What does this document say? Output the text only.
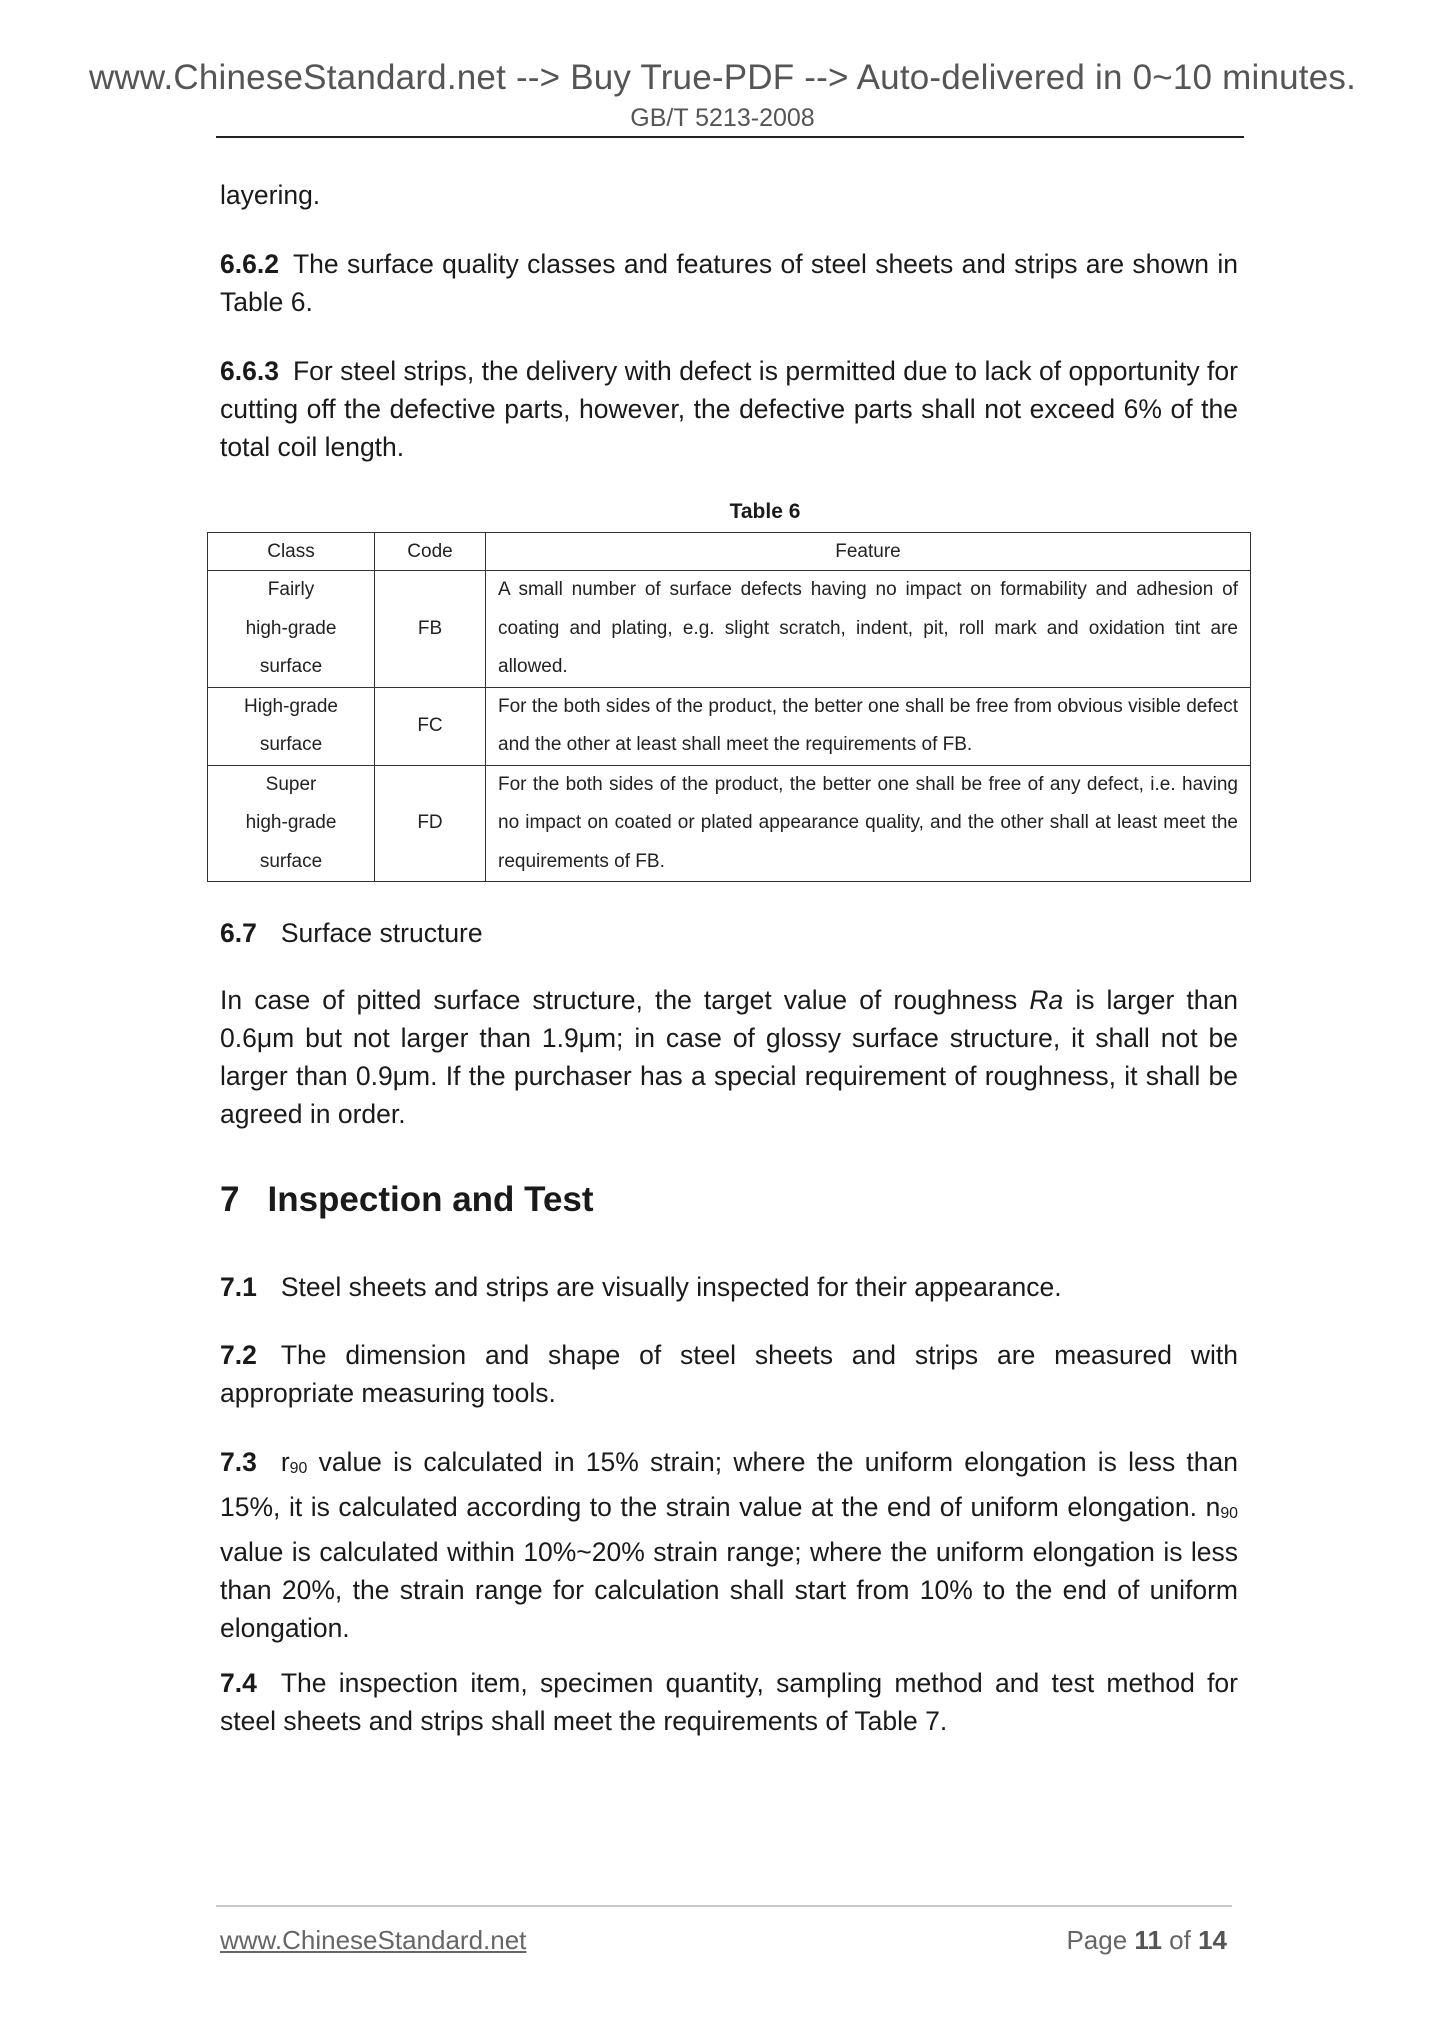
www.ChineseStandard.net --> Buy True-PDF --> Auto-delivered in 0~10 minutes.
GB/T 5213-2008
layering.
6.6.2 The surface quality classes and features of steel sheets and strips are shown in Table 6.
6.6.3 For steel strips, the delivery with defect is permitted due to lack of opportunity for cutting off the defective parts, however, the defective parts shall not exceed 6% of the total coil length.
Table 6
Class	Code	Feature

Fairly
high-grade
surface	FB	A small number of surface defects having no impact on formability and adhesion of coating and plating, e.g. slight scratch, indent, pit, roll mark and oxidation tint are allowed.

High-grade
surface	FC	For the both sides of the product, the better one shall be free from obvious visible defect and the other at least shall meet the requirements of FB.

Super
high-grade
surface	FD	For the both sides of the product, the better one shall be free of any defect, i.e. having no impact on coated or plated appearance quality, and the other shall at least meet the requirements of FB.
6.7 Surface structure
In case of pitted surface structure, the target value of roughness Ra is larger than 0.6μm but not larger than 1.9μm; in case of glossy surface structure, it shall not be larger than 0.9μm. If the purchaser has a special requirement of roughness, it shall be agreed in order.
7 Inspection and Test
7.1 Steel sheets and strips are visually inspected for their appearance.
7.2 The dimension and shape of steel sheets and strips are measured with appropriate measuring tools.
7.3 $r_{90}$ value is calculated in 15% strain; where the uniform elongation is less than 15%, it is calculated according to the strain value at the end of uniform elongation. $n_{90}$ value is calculated within 10%~20% strain range; where the uniform elongation is less than 20%, the strain range for calculation shall start from 10% to the end of uniform elongation.
7.4 The inspection item, specimen quantity, sampling method and test method for steel sheets and strips shall meet the requirements of Table 7.
www.ChineseStandard.net	Page 11 of 14
